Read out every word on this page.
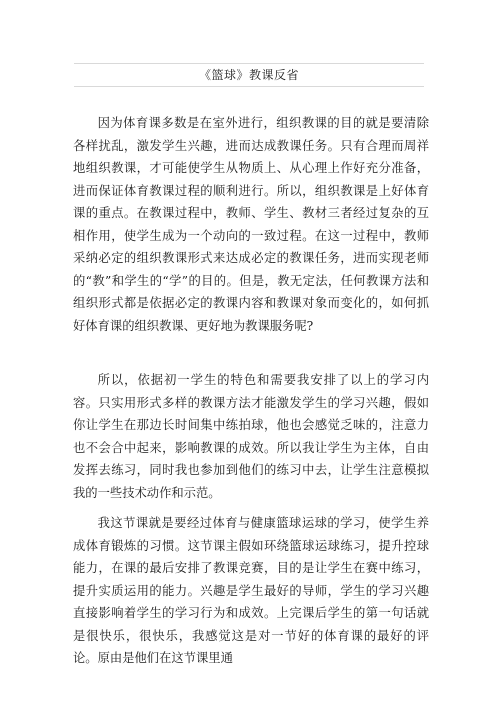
《篮球》教课反省

因为体育课多数是在室外进行，组织教课的目的就是要清除各样扰乱，激发学生兴趣，进而达成教课任务。只有合理而周祥地组织教课，才可能使学生从物质上、从心理上作好充分准备，进而保证体育教课过程的顺利进行。所以，组织教课是上好体育课的重点。在教课过程中，教师、学生、教材三者经过复杂的互相作用，使学生成为一个动向的一致过程。在这一过程中，教师采纳必定的组织教课形式来达成必定的教课任务，进而实现老师的“教”和学生的“学”的目的。但是，教无定法，任何教课方法和组织形式都是依据必定的教课内容和教课对象而变化的，如何抓好体育课的组织教课、更好地为教课服务呢?

所以，依据初一学生的特色和需要我安排了以上的学习内容。只实用形式多样的教课方法才能激发学生的学习兴趣，假如你让学生在那边长时间集中练拍球，他也会感觉乏味的，注意力也不会合中起来，影响教课的成效。所以我让学生为主体，自由发挥去练习，同时我也参加到他们的练习中去，让学生注意模拟我的一些技术动作和示范。

我这节课就是要经过体育与健康篮球运球的学习，使学生养成体育锻炼的习惯。这节课主假如环绕篮球运球练习，提升控球能力，在课的最后安排了教课竞赛，目的是让学生在赛中练习，提升实质运用的能力。兴趣是学生最好的导师，学生的学习兴趣直接影响着学生的学习行为和成效。上完课后学生的第一句话就是很快乐，很快乐，我感觉这是对一节好的体育课的最好的评论。原由是他们在这节课里通
